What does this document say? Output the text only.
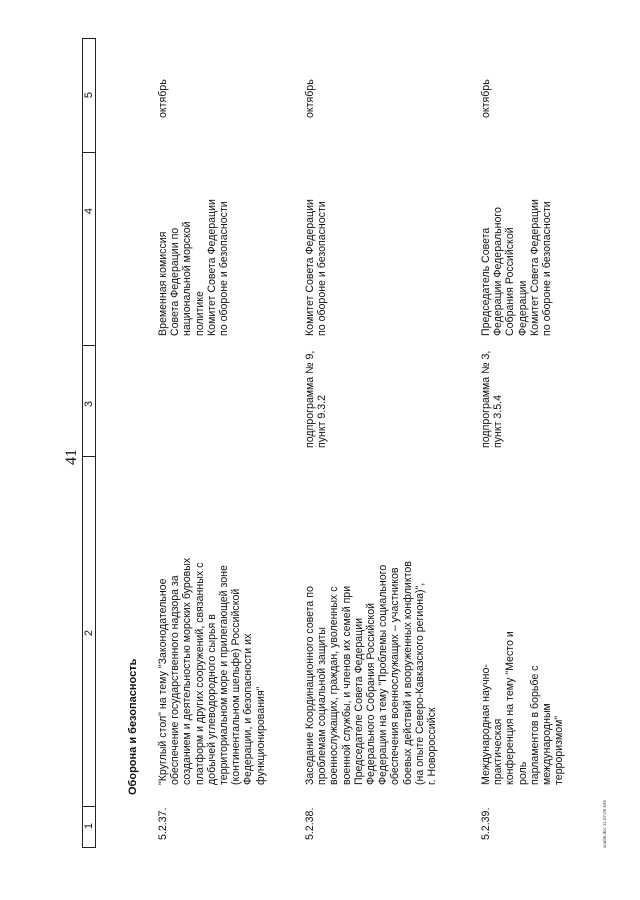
41
5
4
3
2
1
Оборона и безопасность
5.2.37.
"Круглый стол" на тему "Законодательное
обеспечение государственного надзора за
созданием и деятельностью морских буровых
платформ и других сооружений, связанных с
добычей углеводородного сырья в
территориальном море и прилегающей зоне
(континентальном шельфе) Российской
Федерации, и безопасности их
функционирования"
Временная комиссия
Совета Федерации по
национальной морской
политике
Комитет Совета Федерации
по обороне и безопасности
октябрь
5.2.38.
Заседание Координационного совета по
проблемам социальной защиты
военнослужащих, граждан, уволенных с
военной службы, и членов их семей при
Председателе Совета Федерации
Федерального Собрания Российской
Федерации на тему "Проблемы социального
обеспечения военнослужащих – участников
боевых действий и вооруженных конфликтов
(на опыте Северо-Кавказского региона)",
г. Новороссийск
подпрограмма № 9,
пункт 9.3.2
Комитет Совета Федерации
по обороне и безопасности
октябрь
5.2.39.
Международная научно-практическая
конференция на тему "Место и роль
парламентов в борьбе с международным
терроризмом"
подпрограмма № 3,
пункт 3.5.4
Председатель Совета
Федерации Федерального
Собрания Российской
Федерации
Комитет Совета Федерации
по обороне и безопасности
октябрь
soa96.doc 11.07.05 645
